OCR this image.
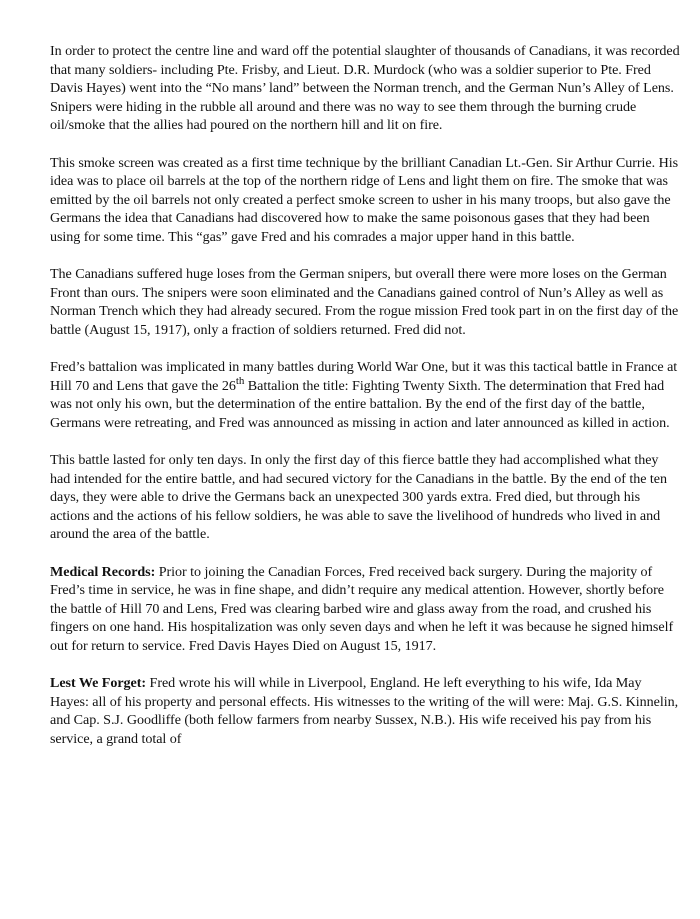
In order to protect the centre line and ward off the potential slaughter of thousands of Canadians, it was recorded that many soldiers- including Pte. Frisby, and Lieut. D.R. Murdock (who was a soldier superior to Pte. Fred Davis Hayes) went into the “No mans’ land” between the Norman trench, and the German Nun’s Alley of Lens. Snipers were hiding in the rubble all around and there was no way to see them through the burning crude oil/smoke that the allies had poured on the northern hill and lit on fire.

This smoke screen was created as a first time technique by the brilliant Canadian Lt.-Gen. Sir Arthur Currie. His idea was to place oil barrels at the top of the northern ridge of Lens and light them on fire. The smoke that was emitted by the oil barrels not only created a perfect smoke screen to usher in his many troops, but also gave the Germans the idea that Canadians had discovered how to make the same poisonous gases that they had been using for some time. This “gas” gave Fred and his comrades a major upper hand in this battle.

The Canadians suffered huge loses from the German snipers, but overall there were more loses on the German Front than ours. The snipers were soon eliminated and the Canadians gained control of Nun’s Alley as well as Norman Trench which they had already secured. From the rogue mission Fred took part in on the first day of the battle (August 15, 1917), only a fraction of soldiers returned. Fred did not.

Fred’s battalion was implicated in many battles during World War One, but it was this tactical battle in France at Hill 70 and Lens that gave the 26th Battalion the title: Fighting Twenty Sixth. The determination that Fred had was not only his own, but the determination of the entire battalion. By the end of the first day of the battle, Germans were retreating, and Fred was announced as missing in action and later announced as killed in action.

This battle lasted for only ten days. In only the first day of this fierce battle they had accomplished what they had intended for the entire battle, and had secured victory for the Canadians in the battle. By the end of the ten days, they were able to drive the Germans back an unexpected 300 yards extra. Fred died, but through his actions and the actions of his fellow soldiers, he was able to save the livelihood of hundreds who lived in and around the area of the battle.

Medical Records: Prior to joining the Canadian Forces, Fred received back surgery. During the majority of Fred’s time in service, he was in fine shape, and didn’t require any medical attention. However, shortly before the battle of Hill 70 and Lens, Fred was clearing barbed wire and glass away from the road, and crushed his fingers on one hand. His hospitalization was only seven days and when he left it was because he signed himself out for return to service. Fred Davis Hayes Died on August 15, 1917.

Lest We Forget: Fred wrote his will while in Liverpool, England. He left everything to his wife, Ida May Hayes: all of his property and personal effects. His witnesses to the writing of the will were: Maj. G.S. Kinnelin, and Cap. S.J. Goodliffe (both fellow farmers from nearby Sussex, N.B.). His wife received his pay from his service, a grand total of
